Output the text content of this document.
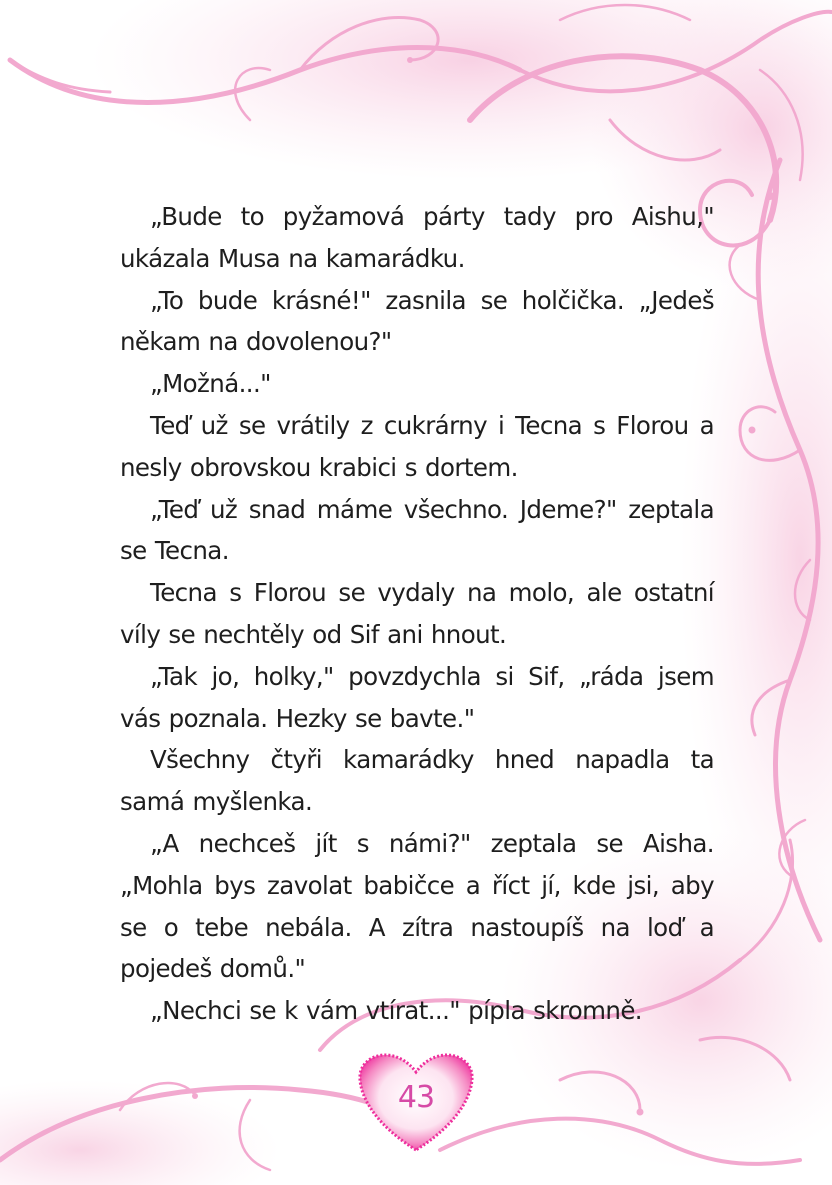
„Bude to pyžamová párty tady pro Aishu," ukázala Musa na kamarádku.

„To bude krásné!" zasnila se holčička. „Jedeš někam na dovolenou?"

„Možná..."

Teď už se vrátily z cukrárny i Tecna s Florou a nesly obrovskou krabici s dortem.

„Teď už snad máme všechno. Jdeme?" zeptala se Tecna.

Tecna s Florou se vydaly na molo, ale ostatní víly se nechtěly od Sif ani hnout.

„Tak jo, holky," povzdychla si Sif, „ráda jsem vás poznala. Hezky se bavte."

Všechny čtyři kamarádky hned napadla ta samá myšlenka.

„A nechceš jít s námi?" zeptala se Aisha. „Mohla bys zavolat babičce a říct jí, kde jsi, aby se o tebe nebála. A zítra nastoupíš na loď a pojedeš domů."

„Nechci se k vám vtírat..." pípla skromně.

43
